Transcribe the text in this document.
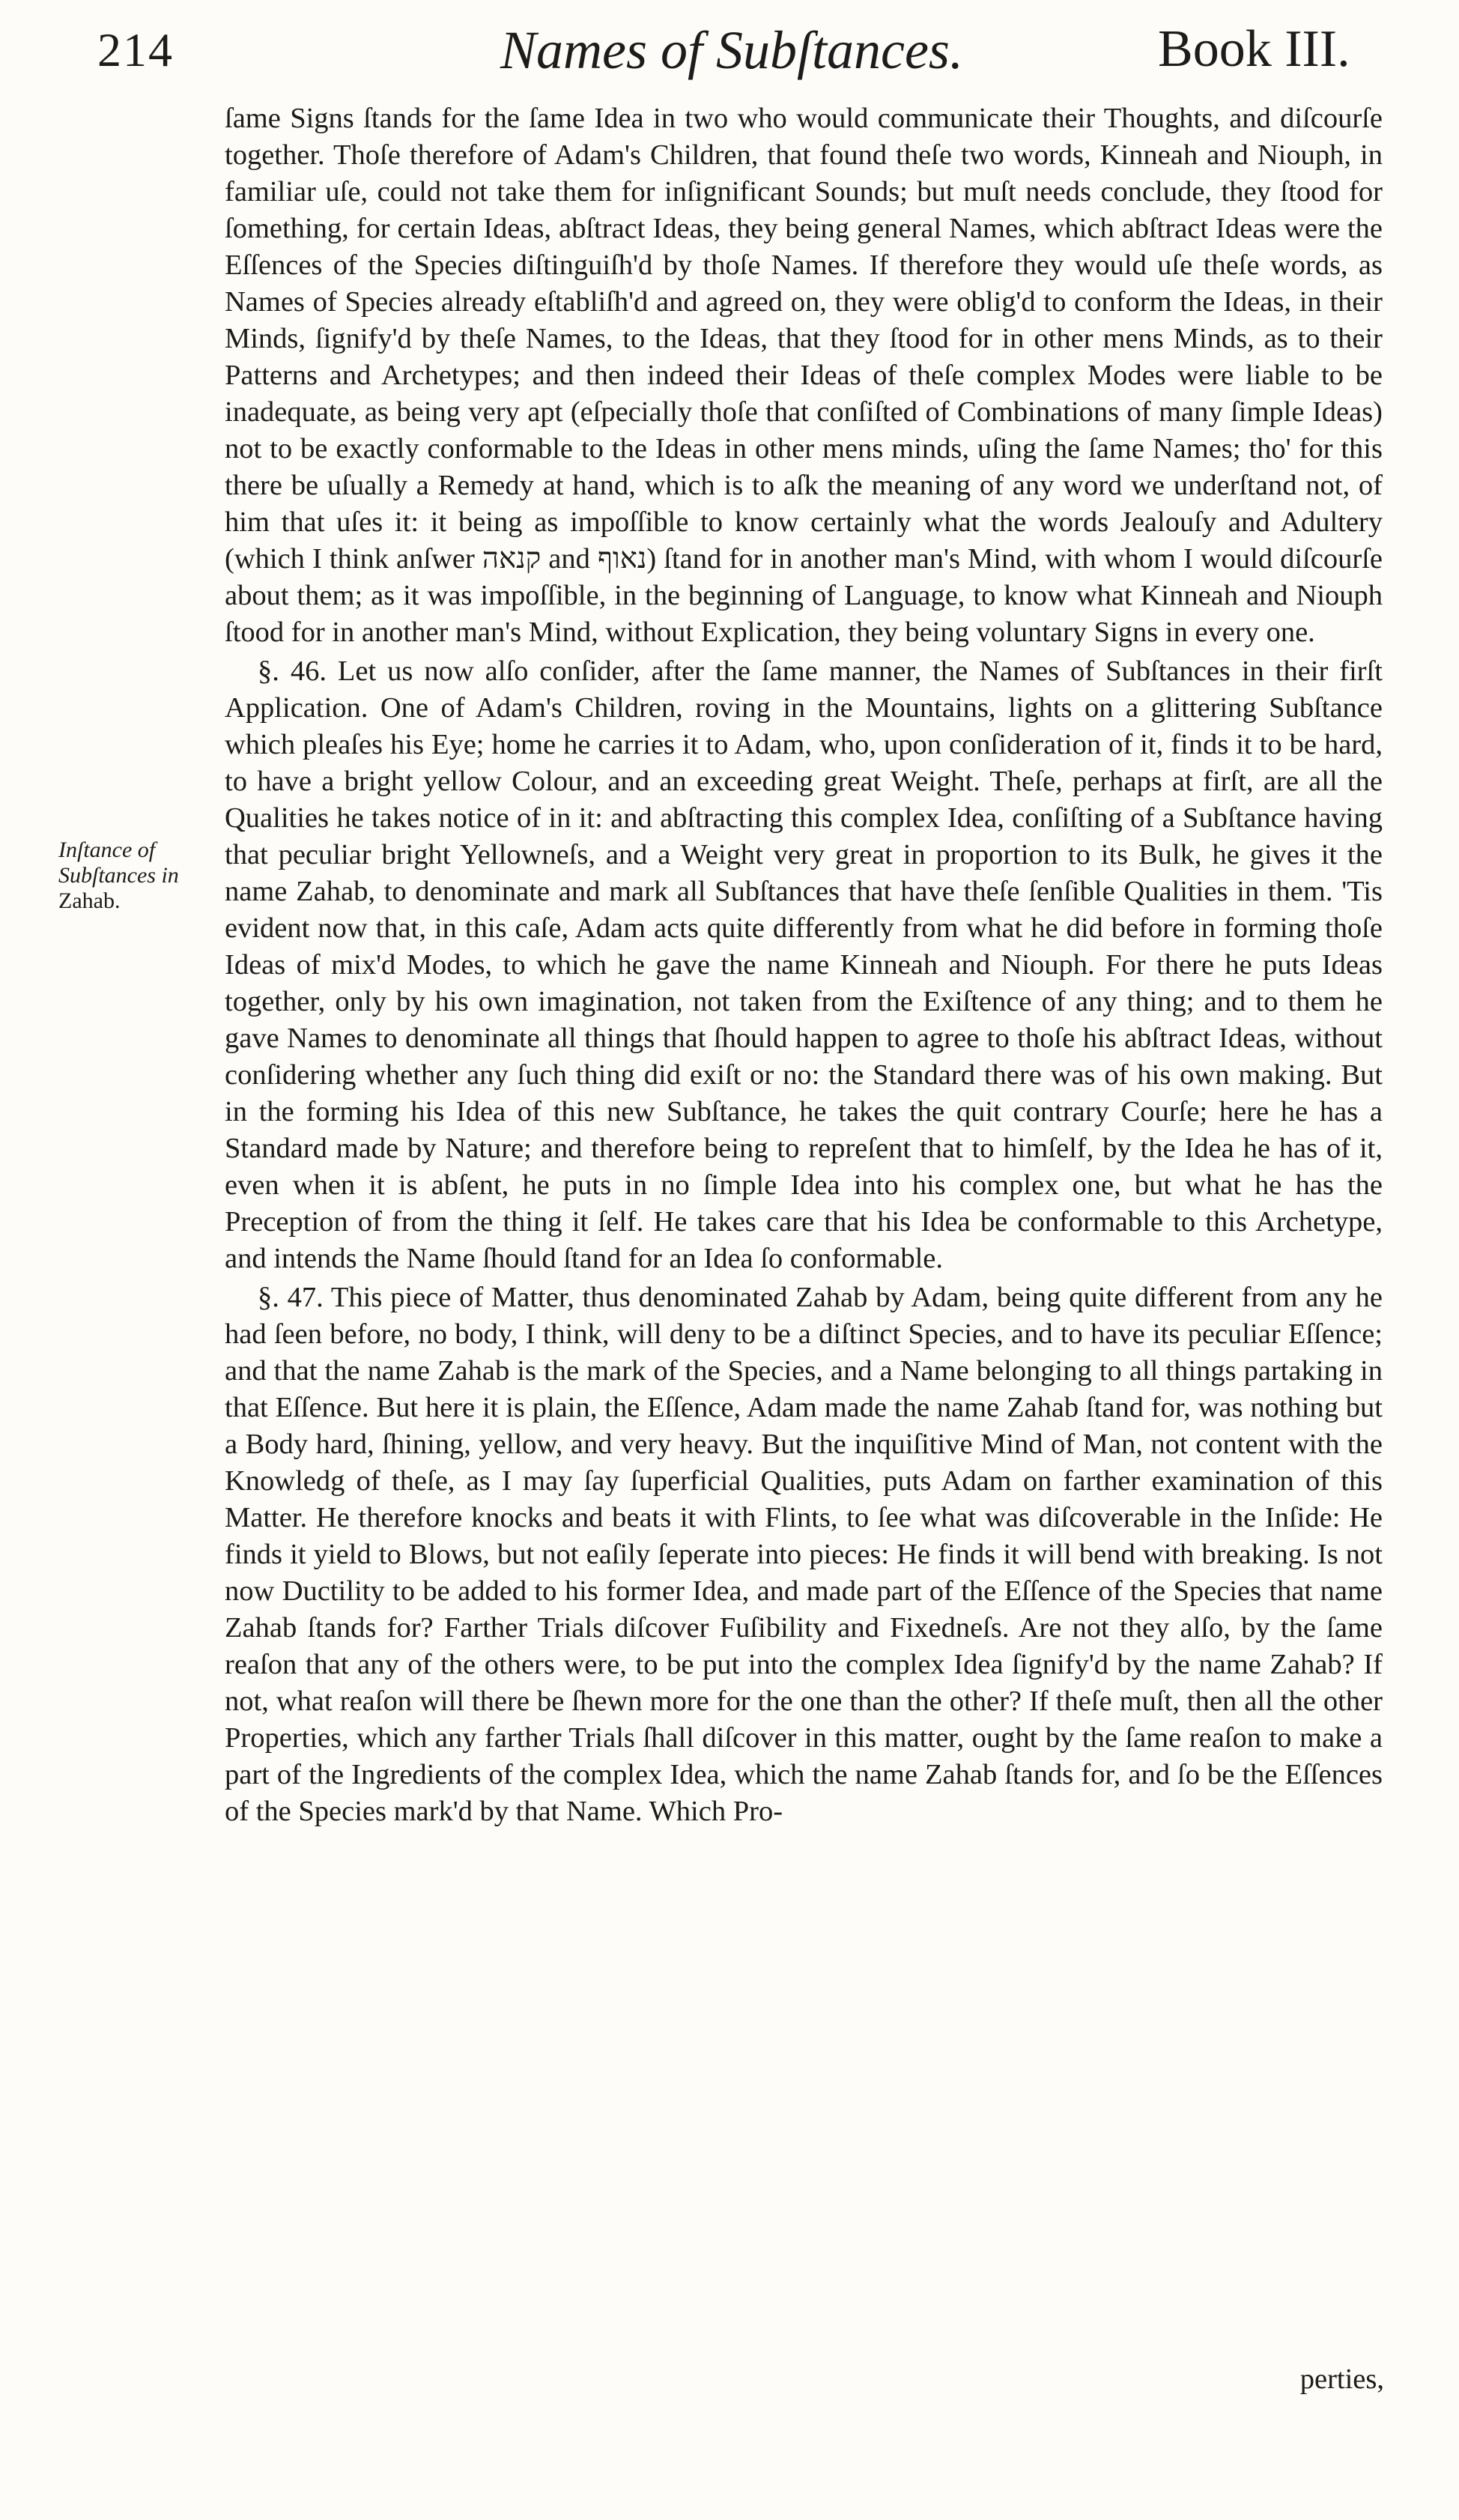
214	Names of Subſtances.	Book III.
Inſtance of
Subſtances in
Zahab.

ſame Signs ſtands for the ſame Idea in two who would communicate their Thoughts, and diſcourſe together. Thoſe therefore of Adam's Children, that found theſe two words, Kinneah and Niouph, in familiar uſe, could not take them for inſignificant Sounds; but muſt needs conclude, they ſtood for ſomething, for certain Ideas, abſtract Ideas, they being general Names, which abſtract Ideas were the Eſſences of the Species diſtinguiſh'd by thoſe Names. If therefore they would uſe theſe words, as Names of Species already eſtabliſh'd and agreed on, they were oblig'd to conform the Ideas, in their Minds, ſignify'd by theſe Names, to the Ideas, that they ſtood for in other mens Minds, as to their Patterns and Archetypes; and then indeed their Ideas of theſe complex Modes were liable to be inadequate, as being very apt (eſpecially thoſe that conſiſted of Combinations of many ſimple Ideas) not to be exactly conformable to the Ideas in other mens minds, uſing the ſame Names; tho' for this there be uſually a Remedy at hand, which is to aſk the meaning of any word we underſtand not, of him that uſes it: it being as impoſſible to know certainly what the words Jealouſy and Adultery (which I think anſwer קנאה and נאוף) ſtand for in another man's Mind, with whom I would diſcourſe about them; as it was impoſſible, in the beginning of Language, to know what Kinneah and Niouph ſtood for in another man's Mind, without Explication, they being voluntary Signs in every one.

§. 46. Let us now alſo conſider, after the ſame manner, the Names of Subſtances in their firſt Application. One of Adam's Children, roving in the Mountains, lights on a glittering Subſtance which pleaſes his Eye; home he carries it to Adam, who, upon conſideration of it, finds it to be hard, to have a bright yellow Colour, and an exceeding great Weight. Theſe, perhaps at firſt, are all the Qualities he takes notice of in it: and abſtracting this complex Idea, conſiſting of a Subſtance having that peculiar bright Yellowneſs, and a Weight very great in proportion to its Bulk, he gives it the name Zahab, to denominate and mark all Subſtances that have theſe ſenſible Qualities in them. 'Tis evident now that, in this caſe, Adam acts quite differently from what he did before in forming thoſe Ideas of mix'd Modes, to which he gave the name Kinneah and Niouph. For there he puts Ideas together, only by his own imagination, not taken from the Exiſtence of any thing; and to them he gave Names to denominate all things that ſhould happen to agree to thoſe his abſtract Ideas, without conſidering whether any ſuch thing did exiſt or no: the Standard there was of his own making. But in the forming his Idea of this new Subſtance, he takes the quit contrary Courſe; here he has a Standard made by Nature; and therefore being to repreſent that to himſelf, by the Idea he has of it, even when it is abſent, he puts in no ſimple Idea into his complex one, but what he has the Preception of from the thing it ſelf. He takes care that his Idea be conformable to this Archetype, and intends the Name ſhould ſtand for an Idea ſo conformable.

§. 47. This piece of Matter, thus denominated Zahab by Adam, being quite different from any he had ſeen before, no body, I think, will deny to be a diſtinct Species, and to have its peculiar Eſſence; and that the name Zahab is the mark of the Species, and a Name belonging to all things partaking in that Eſſence. But here it is plain, the Eſſence, Adam made the name Zahab ſtand for, was nothing but a Body hard, ſhining, yellow, and very heavy. But the inquiſitive Mind of Man, not content with the Knowledg of theſe, as I may ſay ſuperficial Qualities, puts Adam on farther examination of this Matter. He therefore knocks and beats it with Flints, to ſee what was diſcoverable in the Inſide: He finds it yield to Blows, but not eaſily ſeperate into pieces: He finds it will bend with breaking. Is not now Ductility to be added to his former Idea, and made part of the Eſſence of the Species that name Zahab ſtands for? Farther Trials diſcover Fuſibility and Fixedneſs. Are not they alſo, by the ſame reaſon that any of the others were, to be put into the complex Idea ſignify'd by the name Zahab? If not, what reaſon will there be ſhewn more for the one than the other? If theſe muſt, then all the other Properties, which any farther Trials ſhall diſcover in this matter, ought by the ſame reaſon to make a part of the Ingredients of the complex Idea, which the name Zahab ſtands for, and ſo be the Eſſences of the Species mark'd by that Name. Which Pro-

perties,
